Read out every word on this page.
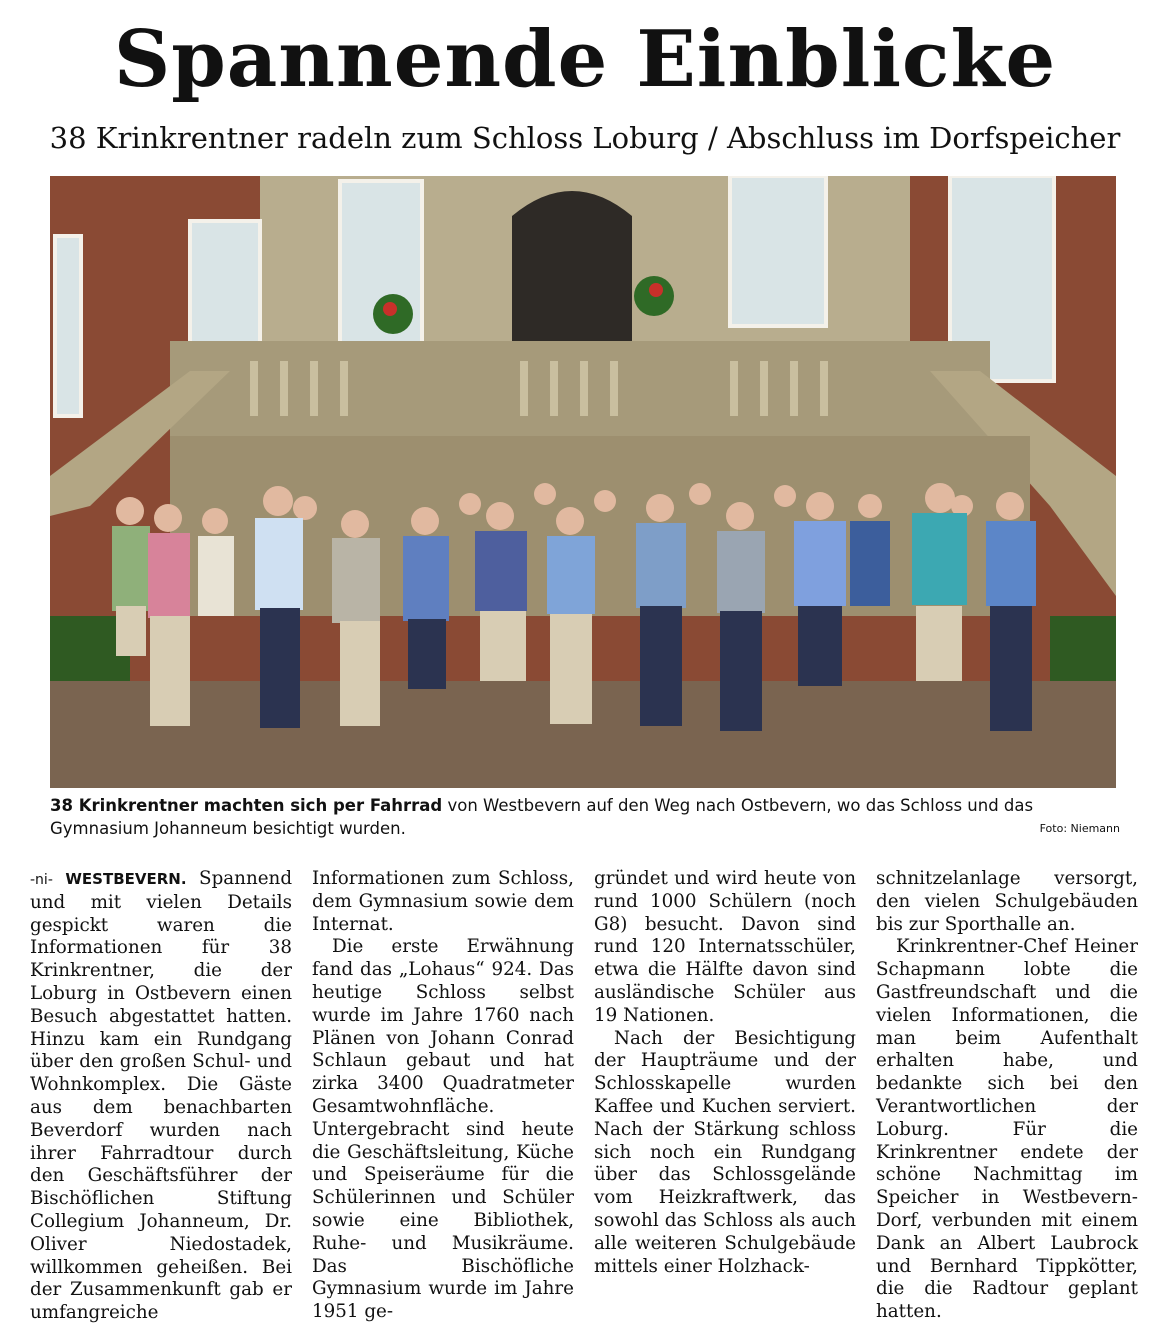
Spannende Einblicke
38 Krinkrentner radeln zum Schloss Loburg / Abschluss im Dorfspeicher
38 Krinkrentner machten sich per Fahrrad von Westbevern auf den Weg nach Ostbevern, wo das Schloss und das Gymnasium Johanneum besichtigt wurden.	Foto: Niemann

-ni- WESTBEVERN. Spannend und mit vielen Details gespickt waren die Informationen für 38 Krinkrentner, die der Loburg in Ostbevern einen Besuch abgestattet hatten. Hinzu kam ein Rundgang über den großen Schul- und Wohnkomplex. Die Gäste aus dem benachbarten Beverdorf wurden nach ihrer Fahrradtour durch den Geschäftsführer der Bischöflichen Stiftung Collegium Johanneum, Dr. Oliver Niedostadek, willkommen geheißen. Bei der Zusammenkunft gab er umfangreiche

Informationen zum Schloss, dem Gymnasium sowie dem Internat.

Die erste Erwähnung fand das „Lohaus“ 924. Das heutige Schloss selbst wurde im Jahre 1760 nach Plänen von Johann Conrad Schlaun gebaut und hat zirka 3400 Quadratmeter Gesamtwohnfläche. Untergebracht sind heute die Geschäftsleitung, Küche und Speiseräume für die Schülerinnen und Schüler sowie eine Bibliothek, Ruhe- und Musikräume. Das Bischöfliche Gymnasium wurde im Jahre 1951 ge-

gründet und wird heute von rund 1000 Schülern (noch G8) besucht. Davon sind rund 120 Internatsschüler, etwa die Hälfte davon sind ausländische Schüler aus 19 Nationen.

Nach der Besichtigung der Haupträume und der Schlosskapelle wurden Kaffee und Kuchen serviert. Nach der Stärkung schloss sich noch ein Rundgang über das Schlossgelände vom Heizkraftwerk, das sowohl das Schloss als auch alle weiteren Schulgebäude mittels einer Holzhack-

schnitzelanlage versorgt, den vielen Schulgebäuden bis zur Sporthalle an.

Krinkrentner-Chef Heiner Schapmann lobte die Gastfreundschaft und die vielen Informationen, die man beim Aufenthalt erhalten habe, und bedankte sich bei den Verantwortlichen der Loburg. Für die Krinkrentner endete der schöne Nachmittag im Speicher in Westbevern-Dorf, verbunden mit einem Dank an Albert Laubrock und Bernhard Tippkötter, die die Radtour geplant hatten.
